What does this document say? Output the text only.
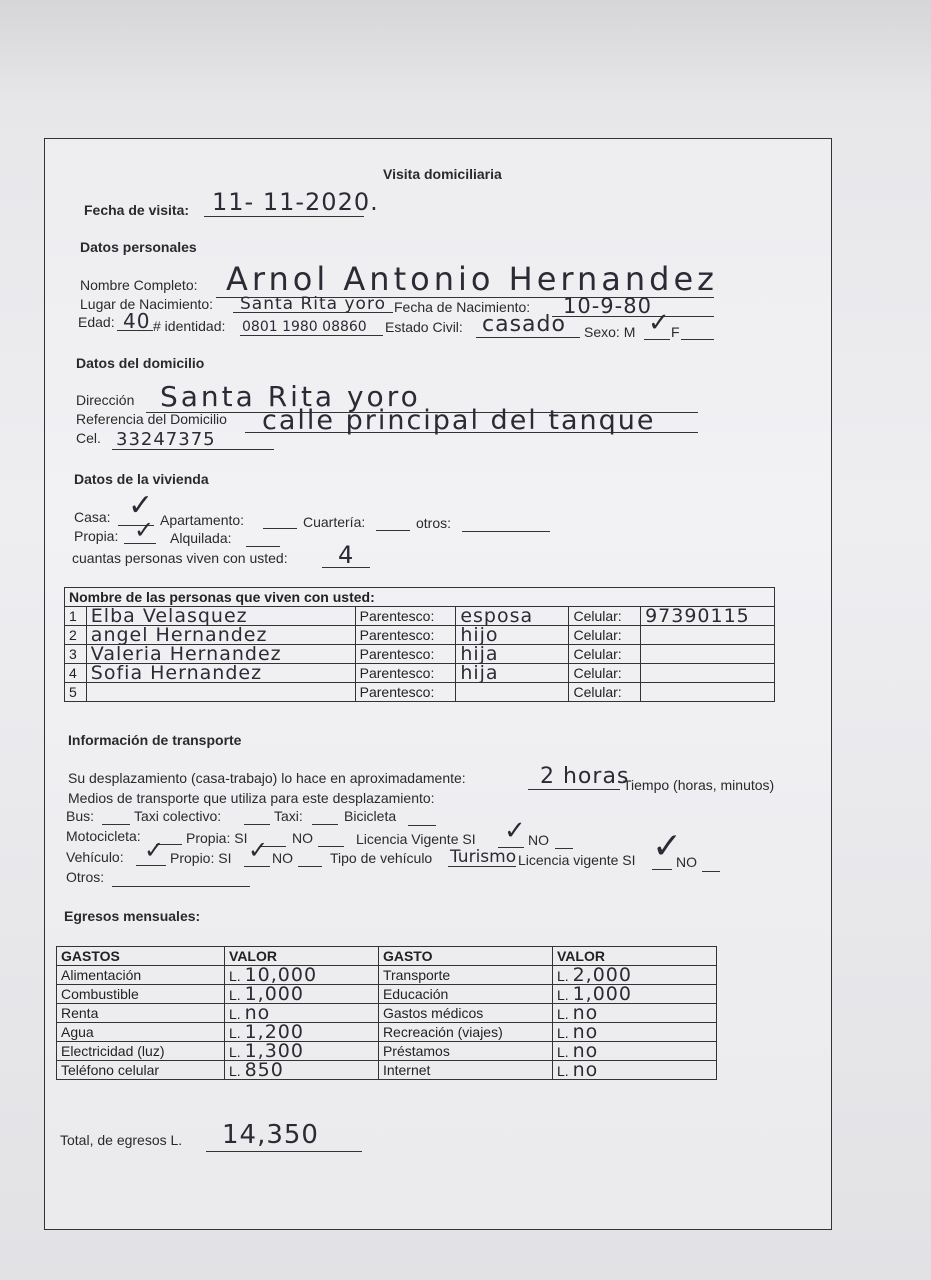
Visita domiciliaria
Fecha de visita: 11- 11-2020.
Datos personales
Nombre Completo: Arnol Antonio Hernandez
Lugar de Nacimiento: Santa Rita yoro Fecha de Nacimiento: 10-9-80
Edad: 40 # identidad: 0801 1980 08860 Estado Civil: casado Sexo: M ✓ F
Datos del domicilio
Dirección Santa Rita yoro
Referencia del Domicilio calle principal del tanque
Cel. 33247375
Datos de la vivienda
Casa: ✓ Apartamento:	Cuartería:	otros:
Propia: ✓ Alquilada:
cuantas personas viven con usted: 4
Nombre de las personas que viven con usted:					
1	Elba Velasquez	Parentesco:	esposa	Celular:	97390115
2	angel Hernandez	Parentesco:	hijo	Celular:	
3	Valeria Hernandez	Parentesco:	hija	Celular:	
4	Sofia Hernandez	Parentesco:	hija	Celular:	
5		Parentesco:		Celular:	
Información de transporte
Su desplazamiento (casa-trabajo) lo hace en aproximadamente:	2 horas
Tiempo (horas, minutos)
Medios de transporte que utiliza para este desplazamiento:
Bus:	Taxi colectivo:	Taxi:	Bicicleta
Motocicleta:	Propia: SI	NO	Licencia Vigente SI ✓ NO
Vehículo: ✓ Propio: SI ✓ NO	Tipo de vehículo Turismo Licencia vigente SI ✓
NO
Otros:
Egresos mensuales:
GASTOS	VALOR	GASTO	VALOR
Alimentación	L. 10,000	Transporte	L. 2,000
Combustible	L. 1,000	Educación	L. 1,000
Renta	L. no	Gastos médicos	L. no
Agua	L. 1,200	Recreación (viajes)	L. no
Electricidad (luz)	L. 1,300	Préstamos	L. no
Teléfono celular	L. 850	Internet	L. no
Total, de egresos L. 14,350
